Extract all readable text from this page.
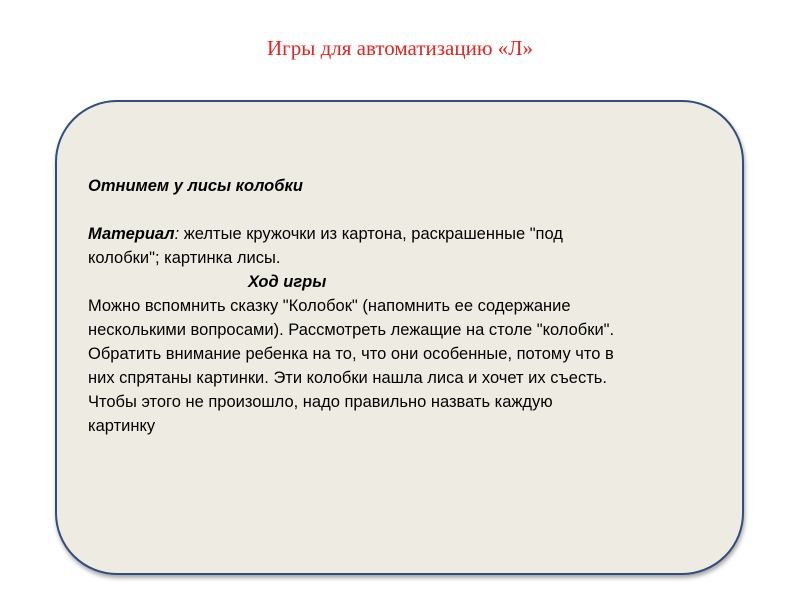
Игры для автоматизацию «Л»
Отнимем у лисы колобки
Материал: желтые кружочки из картона, раскрашенные "под
колобки"; картинка лисы.
Ход игры
Можно вспомнить сказку "Колобок" (напомнить ее содержание
несколькими вопросами). Рассмотреть лежащие на столе "колобки".
Обратить внимание ребенка на то, что они особенные, потому что в
них спрятаны картинки. Эти колобки нашла лиса и хочет их съесть.
Чтобы этого не произошло, надо правильно назвать каждую
картинку
